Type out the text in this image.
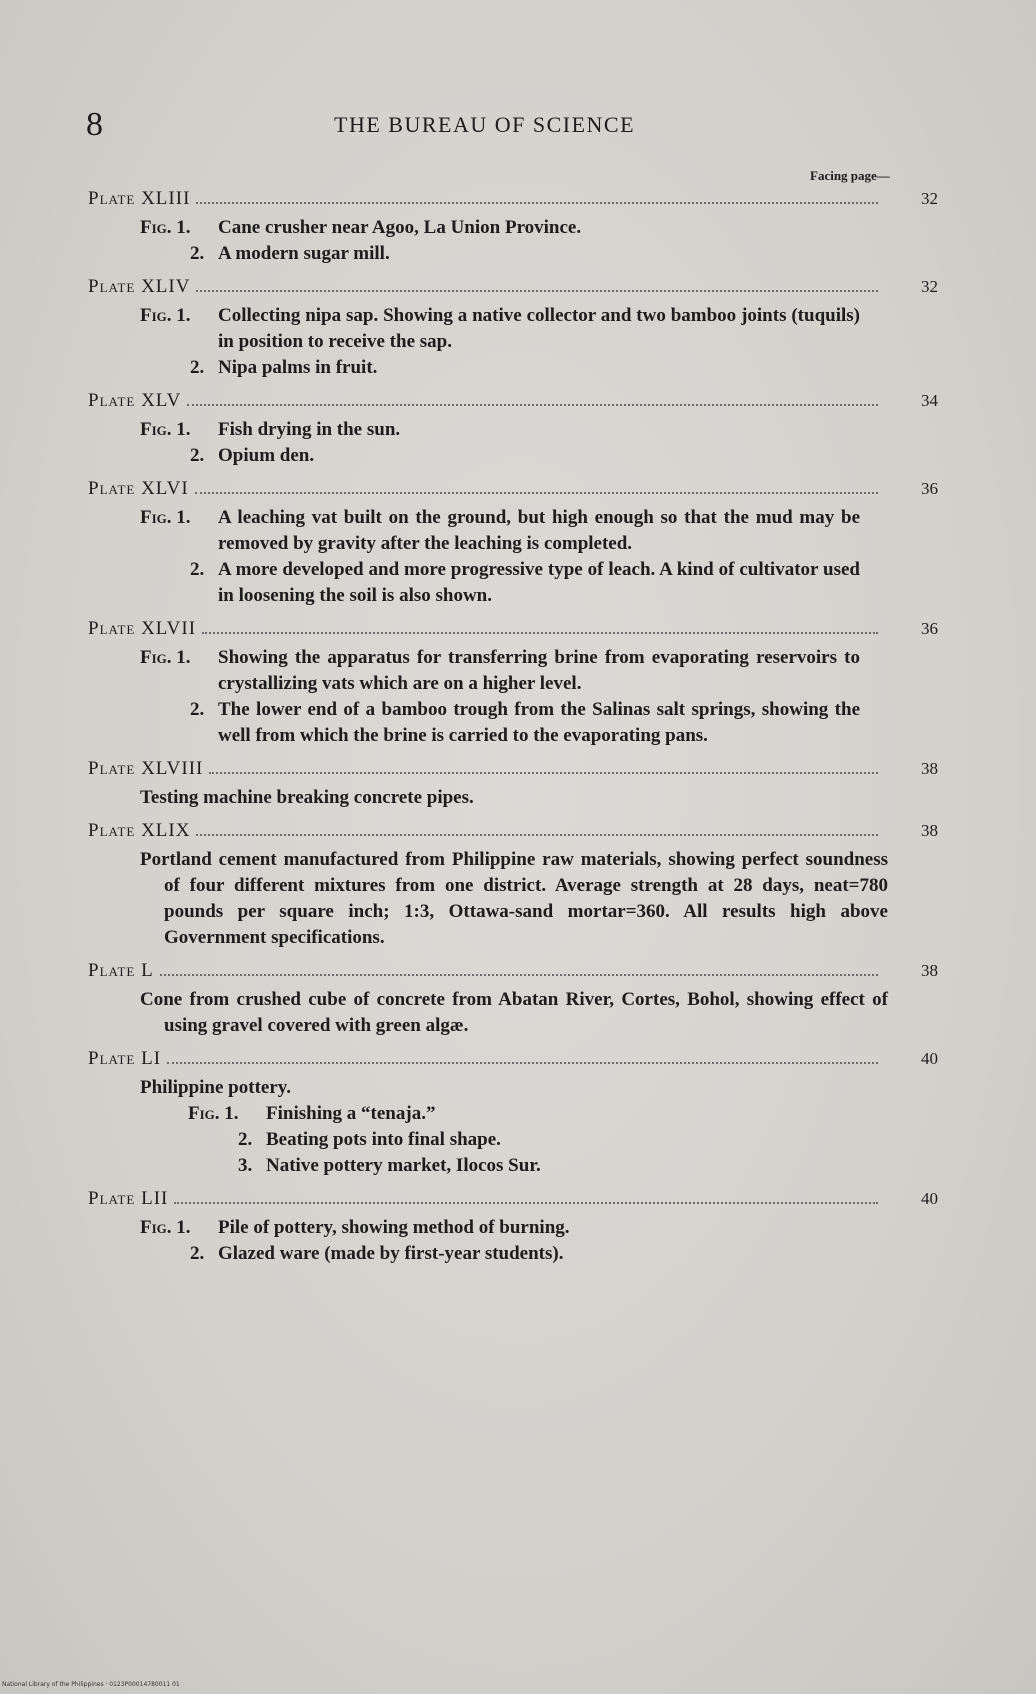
8	THE BUREAU OF SCIENCE
Facing page—
Plate XLIII	32
Fig. 1.	Cane crusher near Agoo, La Union Province.
2. A modern sugar mill.
Plate XLIV	32
Fig. 1.	Collecting nipa sap. Showing a native collector and two bamboo joints (tuquils) in position to receive the sap.
2. Nipa palms in fruit.
Plate XLV	34
Fig. 1.	Fish drying in the sun.
2. Opium den.
Plate XLVI	36
Fig. 1.	A leaching vat built on the ground, but high enough so that the mud may be removed by gravity after the leaching is completed.
2. A more developed and more progressive type of leach. A kind of cultivator used in loosening the soil is also shown.
Plate XLVII	36
Fig. 1.	Showing the apparatus for transferring brine from evaporating reservoirs to crystallizing vats which are on a higher level.
2. The lower end of a bamboo trough from the Salinas salt springs, showing the well from which the brine is carried to the evaporating pans.
Plate XLVIII	38
Testing machine breaking concrete pipes.
Plate XLIX	38
Portland cement manufactured from Philippine raw materials, showing perfect soundness of four different mixtures from one district. Average strength at 28 days, neat=780 pounds per square inch; 1:3, Ottawa-sand mortar=360. All results high above Government specifications.
Plate L	38
Cone from crushed cube of concrete from Abatan River, Cortes, Bohol, showing effect of using gravel covered with green algæ.
Plate LI	40
Philippine pottery.
Fig. 1.	Finishing a “tenaja.”
2. Beating pots into final shape.
3. Native pottery market, Ilocos Sur.
Plate LII	40
Fig. 1.	Pile of pottery, showing method of burning.
2. Glazed ware (made by first-year students).
National Library of the Philippines · 0123P00014780011 01
